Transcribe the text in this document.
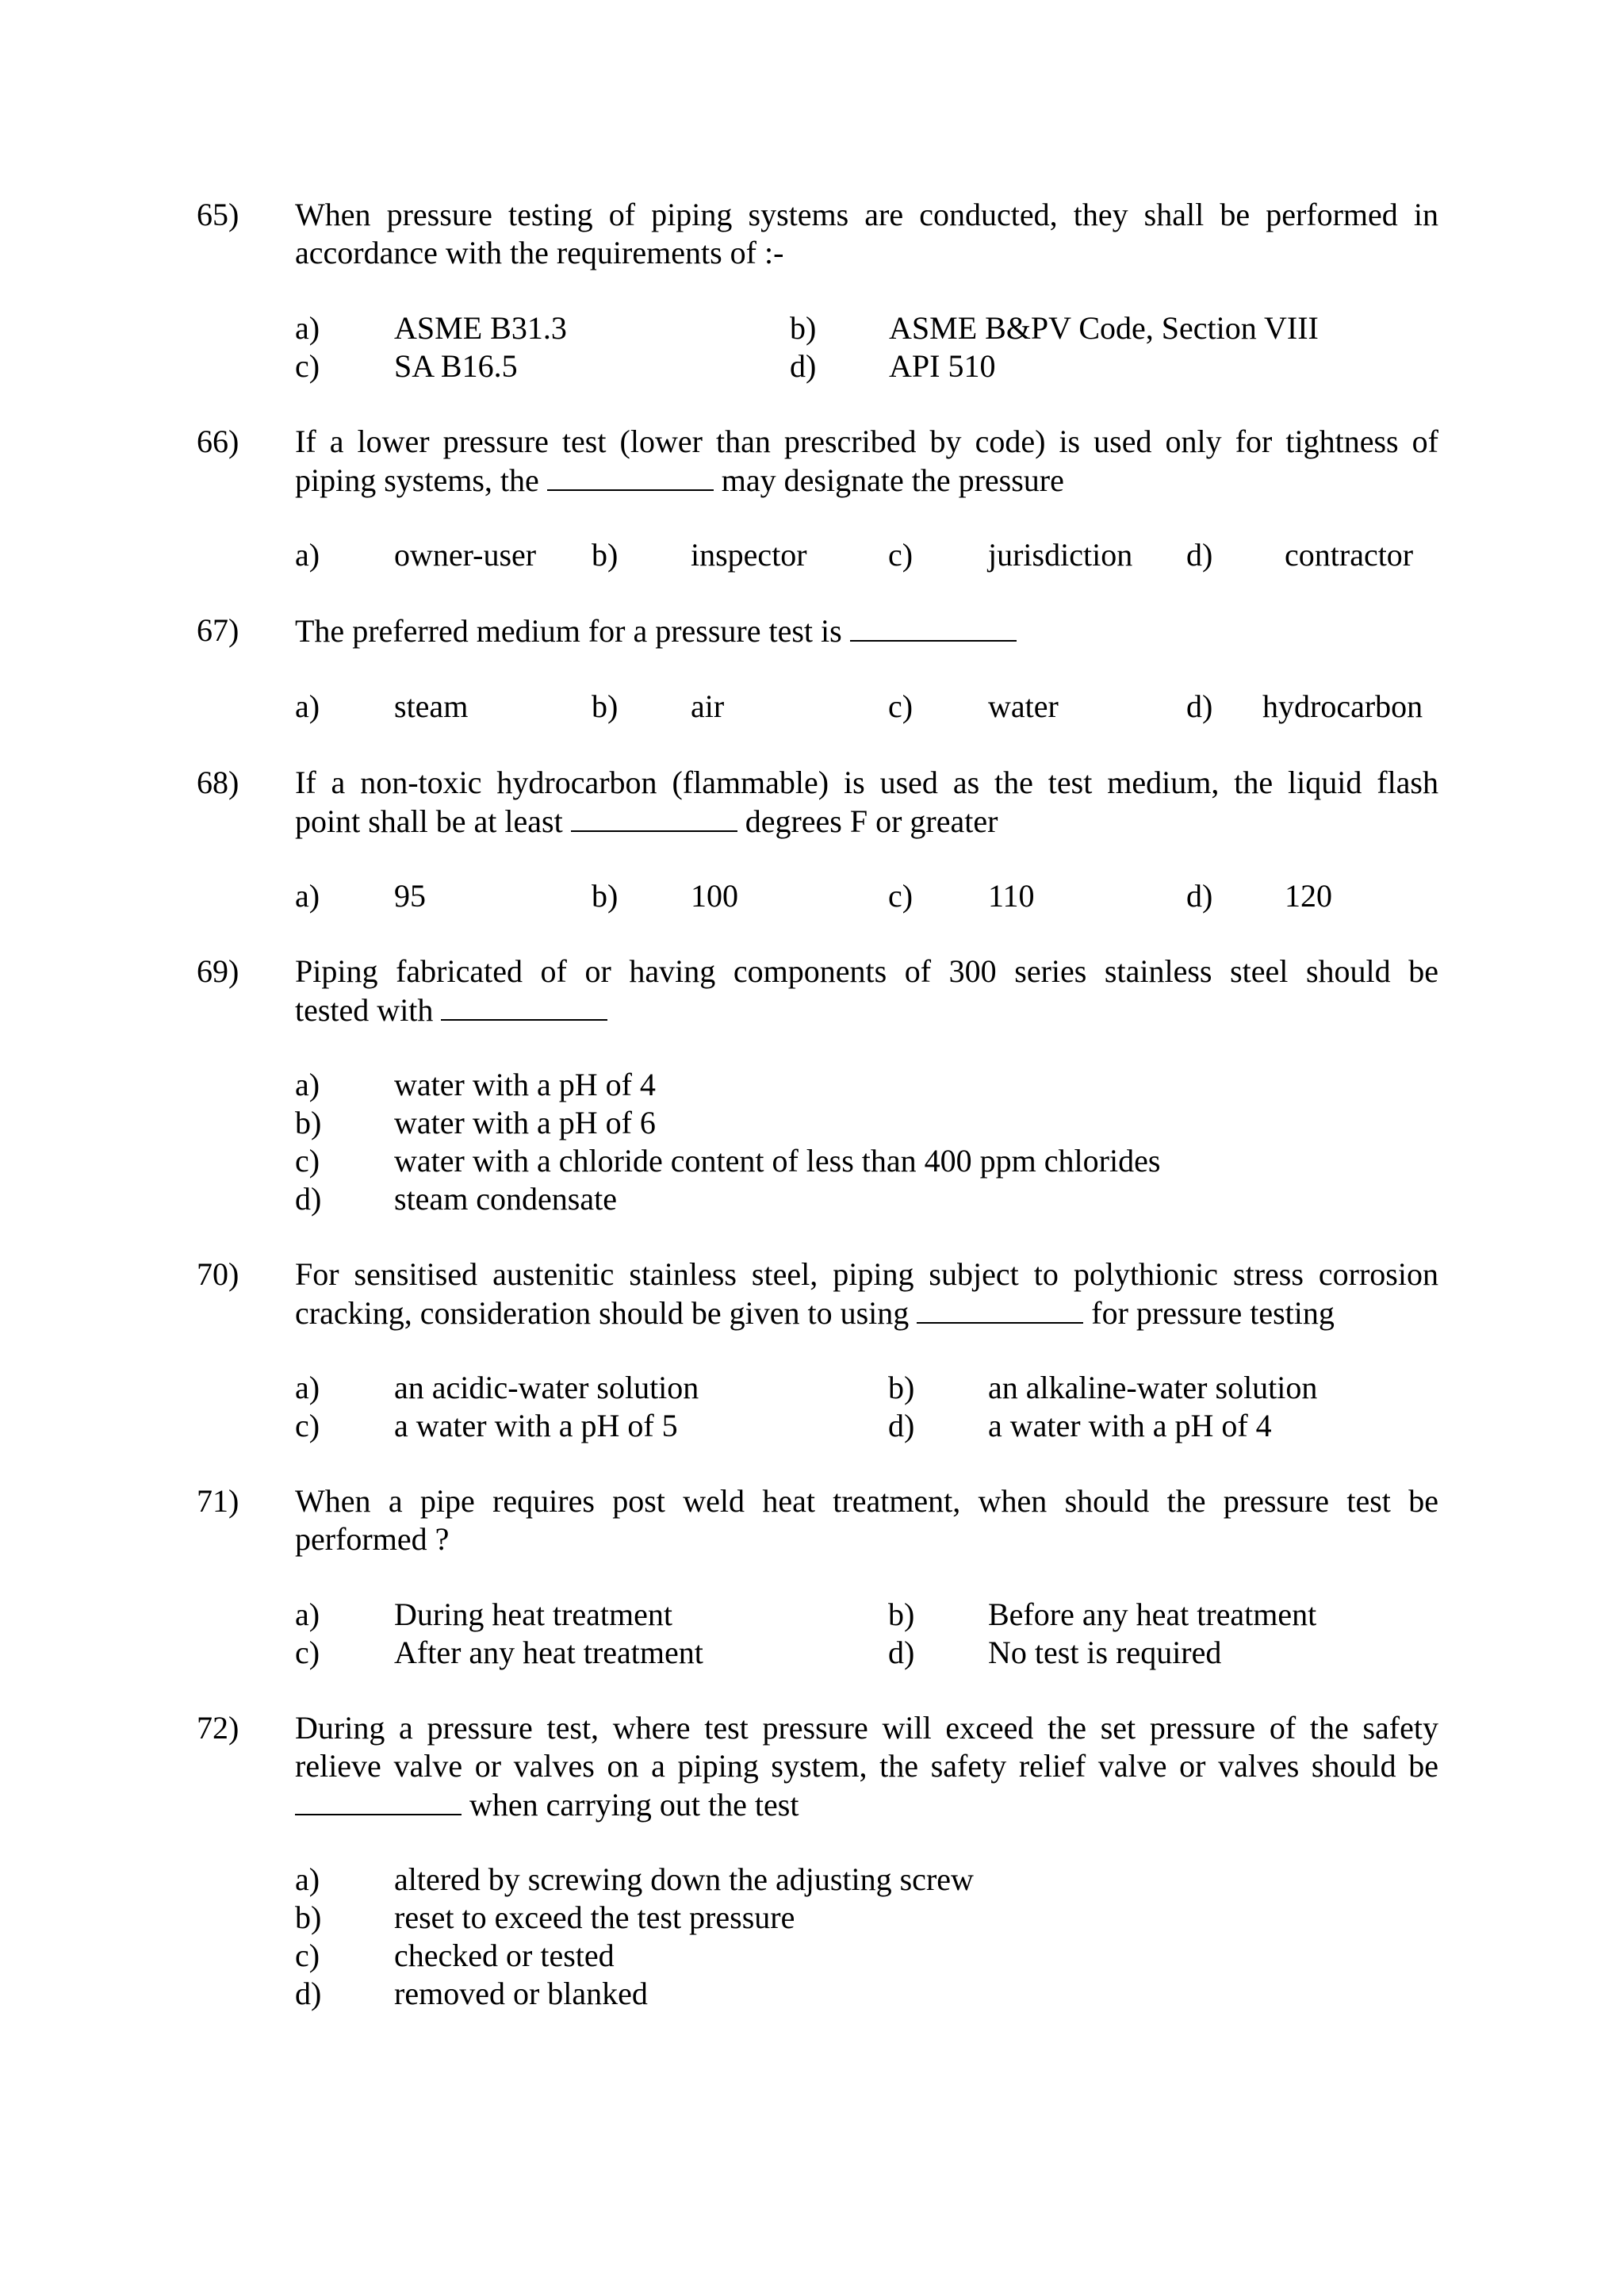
65) When pressure testing of piping systems are conducted, they shall be performed in
accordance with the requirements of :-
a) ASME B31.3	b) ASME B&PV Code, Section VIII
c) SA B16.5	d) API 510
66) If a lower pressure test (lower than prescribed by code) is used only for tightness of
piping systems, the	may designate the pressure
a) owner-user b) inspector	c) jurisdiction d) contractor
67) The preferred medium for a pressure test is
a) steam	b) air	c) water	d) hydrocarbon
68) If a non-toxic hydrocarbon (flammable) is used as the test medium, the liquid flash
point shall be at least	degrees F or greater
a) 95	b) 100	c) 110	d) 120
69) Piping fabricated of or having components of 300 series stainless steel should be
tested with
a) water with a pH of 4
b) water with a pH of 6
c) water with a chloride content of less than 400 ppm chlorides
d) steam condensate
70) For sensitised austenitic stainless steel, piping subject to polythionic stress corrosion
cracking, consideration should be given to using	for pressure testing
a) an acidic-water solution	b) an alkaline-water solution
c) a water with a pH of 5	d) a water with a pH of 4
71) When a pipe requires post weld heat treatment, when should the pressure test be
performed ?
a) During heat treatment	b) Before any heat treatment
c) After any heat treatment	d) No test is required
72) During a pressure test, where test pressure will exceed the set pressure of the safety
relieve valve or valves on a piping system, the safety relief valve or valves should be
when carrying out the test
a) altered by screwing down the adjusting screw
b) reset to exceed the test pressure
c) checked or tested
d) removed or blanked
